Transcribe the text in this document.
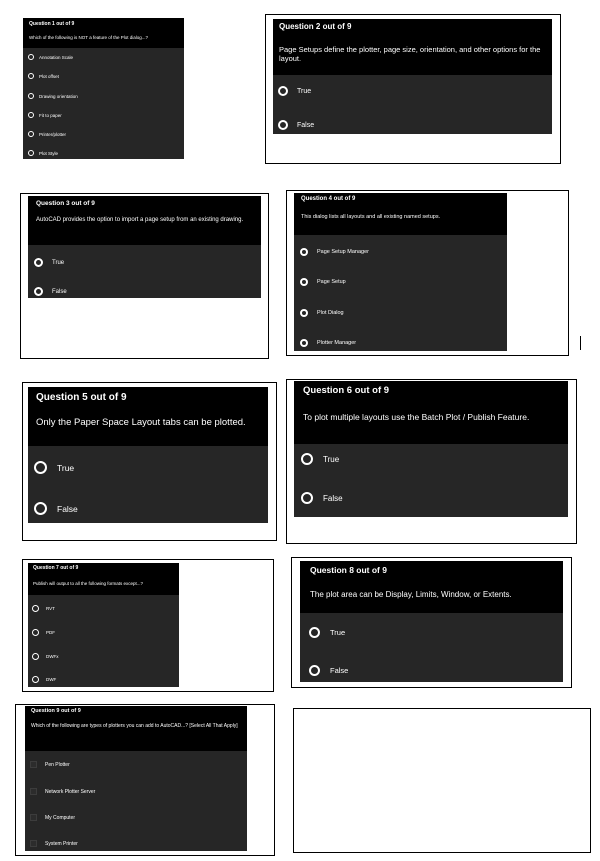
Question 1 out of 9
Which of the following is NOT a feature of the Plot dialog...?
Annotation Scale
Plot offset
Drawing orientation
Fit to paper
Printer/plotter
Plot Style
Question 2 out of 9
Page Setups define the plotter, page size, orientation, and other options for the layout.
True
False
Question 3 out of 9
AutoCAD provides the option to import a page setup from an existing drawing.
True
False
Question 4 out of 9
This dialog lists all layouts and all existing named setups.
Page Setup Manager
Page Setup
Plot Dialog
Plotter Manager
Question 5 out of 9
Only the Paper Space Layout tabs can be plotted.
True
False
Question 6 out of 9
To plot multiple layouts use the Batch Plot / Publish Feature.
True
False
Question 7 out of 9
Publish will output to all the following formats except...?
RVT
PDF
DWFx
DWF
Question 8 out of 9
The plot area can be Display, Limits, Window, or Extents.
True
False
Question 9 out of 9
Which of the following are types of plotters you can add to AutoCAD...? [Select All That Apply]
Pen Plotter
Network Plotter Server
My Computer
System Printer
